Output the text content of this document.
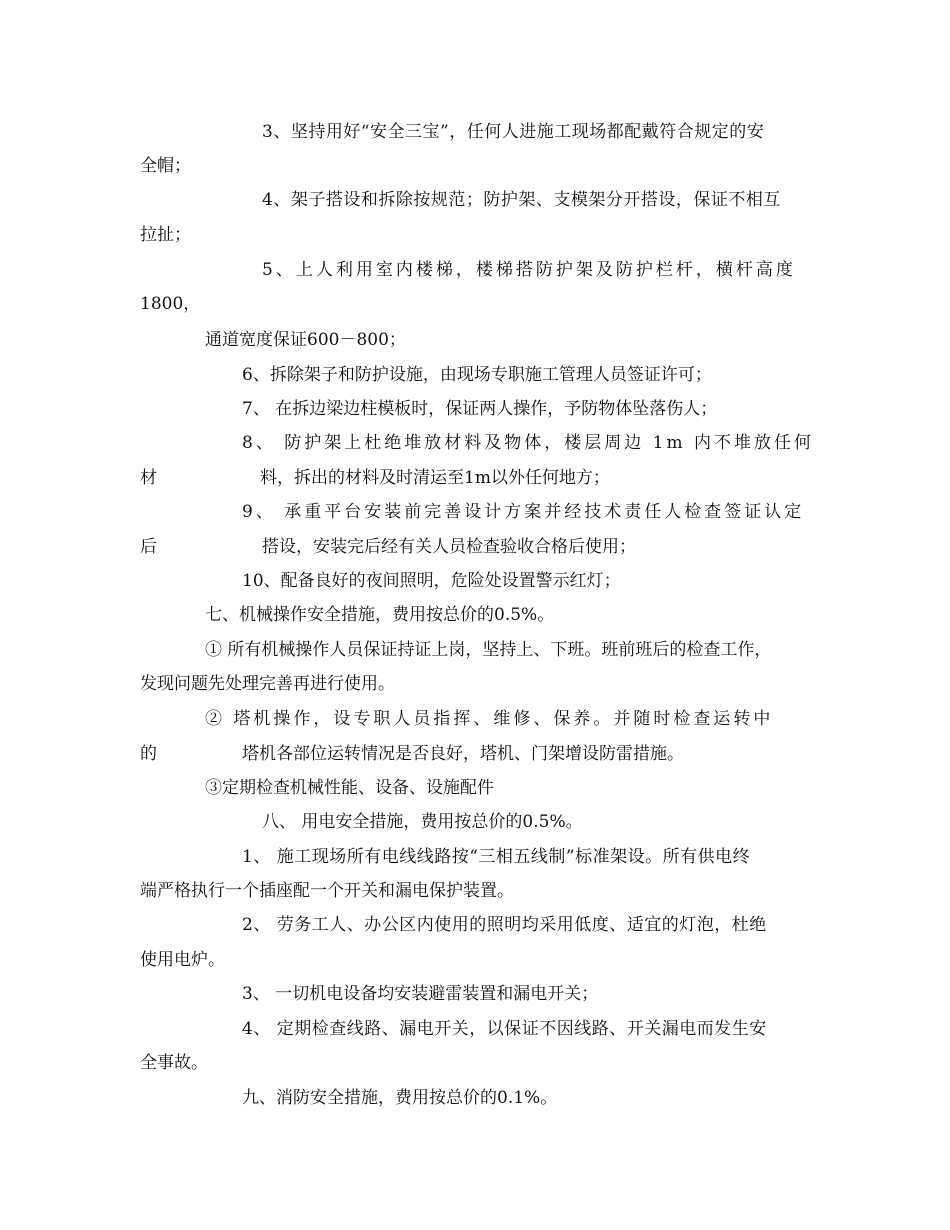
3、坚持用好“安全三宝”，任何人进施工现场都配戴符合规定的安
全帽；
4、架子搭设和拆除按规范；防护架、支模架分开搭设，保证不相互
拉扯；
5、上人利用室内楼梯，楼梯搭防护架及防护栏杆，横杆高度
1800，
通道宽度保证600－800；
6、拆除架子和防护设施，由现场专职施工管理人员签证许可；
7、 在拆边梁边柱模板时，保证两人操作，予防物体坠落伤人；
8、 防护架上杜绝堆放材料及物体，楼层周边 1m 内不堆放任何
材	料，拆出的材料及时清运至1m以外任何地方；
9、 承重平台安装前完善设计方案并经技术责任人检查签证认定
后	搭设，安装完后经有关人员检查验收合格后使用；
10、配备良好的夜间照明，危险处设置警示红灯；
七、机械操作安全措施，费用按总价的0.5%。
① 所有机械操作人员保证持证上岗，坚持上、下班。班前班后的检查工作，
发现问题先处理完善再进行使用。
② 塔机操作，设专职人员指挥、维修、保养。并随时检查运转中
的	塔机各部位运转情况是否良好，塔机、门架增设防雷措施。
③定期检查机械性能、设备、设施配件
八、 用电安全措施，费用按总价的0.5%。
1、 施工现场所有电线线路按“三相五线制”标准架设。所有供电终
端严格执行一个插座配一个开关和漏电保护装置。
2、 劳务工人、办公区内使用的照明均采用低度、适宜的灯泡，杜绝
使用电炉。
3、 一切机电设备均安装避雷装置和漏电开关；
4、 定期检查线路、漏电开关，以保证不因线路、开关漏电而发生安
全事故。
九、消防安全措施，费用按总价的0.1%。
